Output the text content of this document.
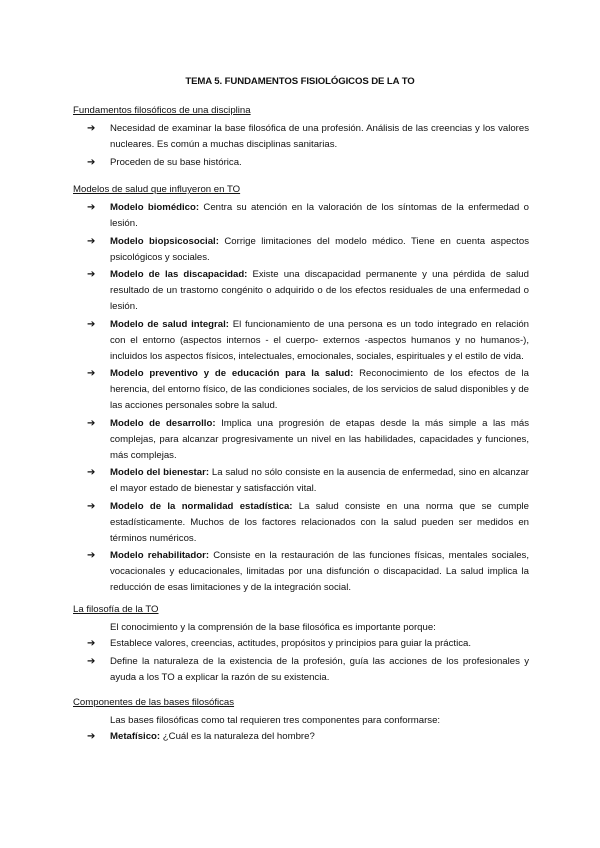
TEMA 5. FUNDAMENTOS FISIOLÓGICOS DE LA TO
Fundamentos filosóficos de una disciplina
➔ Necesidad de examinar la base filosófica de una profesión. Análisis de las creencias y los valores nucleares. Es común a muchas disciplinas sanitarias.
➔ Proceden de su base histórica.
Modelos de salud que influyeron en TO
➔ Modelo biomédico: Centra su atención en la valoración de los síntomas de la enfermedad o lesión.
➔ Modelo biopsicosocial: Corrige limitaciones del modelo médico. Tiene en cuenta aspectos psicológicos y sociales.
➔ Modelo de las discapacidad: Existe una discapacidad permanente y una pérdida de salud resultado de un trastorno congénito o adquirido o de los efectos residuales de una enfermedad o lesión.
➔ Modelo de salud integral: El funcionamiento de una persona es un todo integrado en relación con el entorno (aspectos internos - el cuerpo- externos -aspectos humanos y no humanos-), incluidos los aspectos físicos, intelectuales, emocionales, sociales, espirituales y el estilo de vida.
➔ Modelo preventivo y de educación para la salud: Reconocimiento de los efectos de la herencia, del entorno físico, de las condiciones sociales, de los servicios de salud disponibles y de las acciones personales sobre la salud.
➔ Modelo de desarrollo: Implica una progresión de etapas desde la más simple a las más complejas, para alcanzar progresivamente un nivel en las habilidades, capacidades y funciones, más complejas.
➔ Modelo del bienestar: La salud no sólo consiste en la ausencia de enfermedad, sino en alcanzar el mayor estado de bienestar y satisfacción vital.
➔ Modelo de la normalidad estadística: La salud consiste en una norma que se cumple estadísticamente. Muchos de los factores relacionados con la salud pueden ser medidos en términos numéricos.
➔ Modelo rehabilitador: Consiste en la restauración de las funciones físicas, mentales sociales, vocacionales y educacionales, limitadas por una disfunción o discapacidad. La salud implica la reducción de esas limitaciones y de la integración social.
La filosofía de la TO
El conocimiento y la comprensión de la base filosófica es importante porque:
➔ Establece valores, creencias, actitudes, propósitos y principios para guiar la práctica.
➔ Define la naturaleza de la existencia de la profesión, guía las acciones de los profesionales y ayuda a los TO a explicar la razón de su existencia.
Componentes de las bases filosóficas
Las bases filosóficas como tal requieren tres componentes para conformarse:
➔ Metafísico: ¿Cuál es la naturaleza del hombre?
